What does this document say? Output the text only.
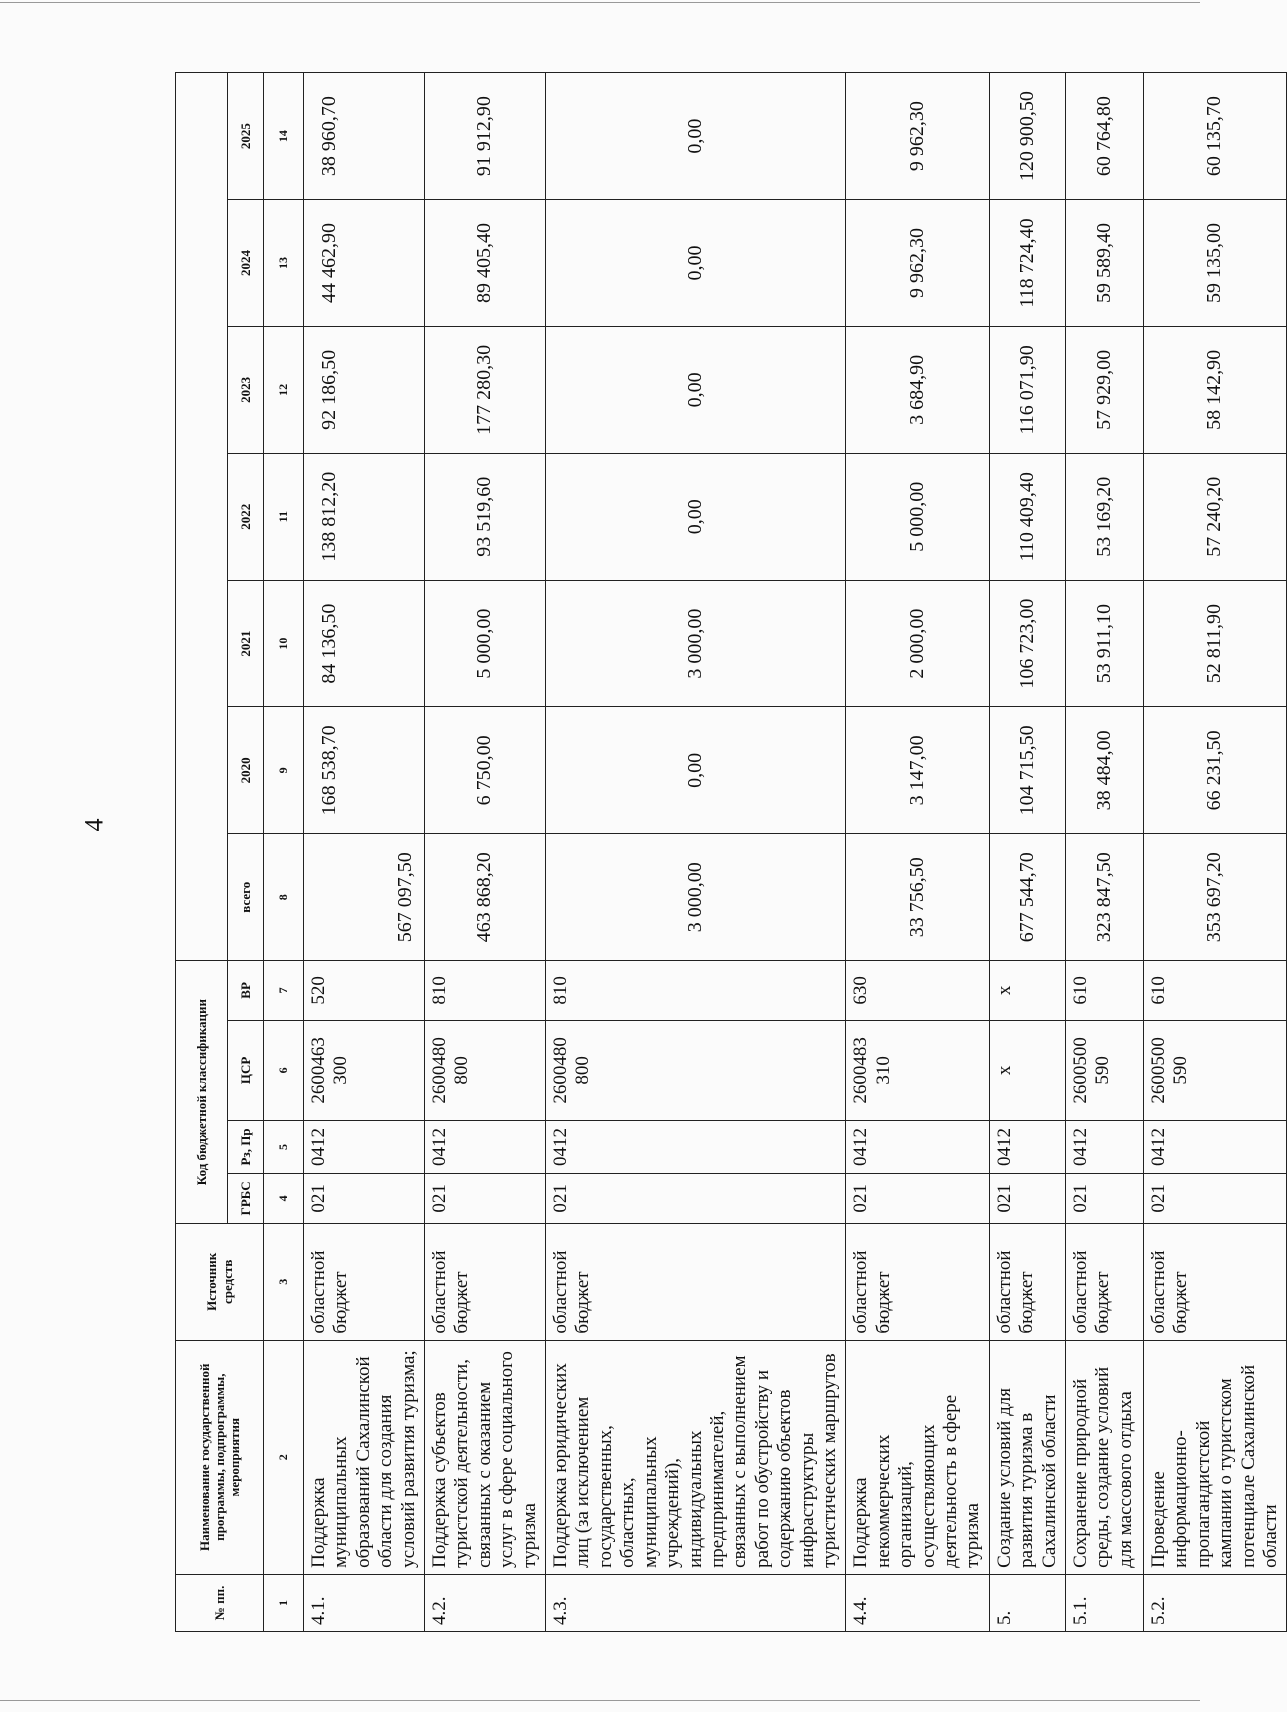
4
№ пп.	Наименование государственной программы, подпрограммы, мероприятия	Источник средств	Код бюджетной классификации										
			ГРБС	Рз, Пр	ЦСР	ВР	всего	2020	2021	2022	2023	2024	2025
1	2	3	4	5	6	7	8	9	10	11	12	13	14
4.1.	Поддержка муниципальных образований Сахалинской области для создания условий развития туризма;	областной бюджет	021	0412	2600463 300	520	567 097,50	168 538,70	84 136,50	138 812,20	92 186,50	44 462,90	38 960,70
4.2.	Поддержка субъектов туристской деятельности, связанных с оказанием услуг в сфере социального туризма	областной бюджет	021	0412	2600480 800	810	463 868,20	6 750,00	5 000,00	93 519,60	177 280,30	89 405,40	91 912,90
4.3.	Поддержка юридических лиц (за исключением государственных, областных, муниципальных учреждений), индивидуальных предпринимателей, связанных с выполнением работ по обустройству и содержанию объектов инфраструктуры туристических маршрутов	областной бюджет	021	0412	2600480 800	810	3 000,00	0,00	3 000,00	0,00	0,00	0,00	0,00
4.4.	Поддержка некоммерческих организаций, осуществляющих деятельность в сфере туризма	областной бюджет	021	0412	2600483 310	630	33 756,50	3 147,00	2 000,00	5 000,00	3 684,90	9 962,30	9 962,30
5.	Создание условий для развития туризма в Сахалинской области	областной бюджет	021	0412	х	х	677 544,70	104 715,50	106 723,00	110 409,40	116 071,90	118 724,40	120 900,50
5.1.	Сохранение природной среды, создание условий для массового отдыха	областной бюджет	021	0412	2600500 590	610	323 847,50	38 484,00	53 911,10	53 169,20	57 929,00	59 589,40	60 764,80
5.2.	Проведение информационно-пропагандистской кампании о туристском потенциале Сахалинской области	областной бюджет	021	0412	2600500 590	610	353 697,20	66 231,50	52 811,90	57 240,20	58 142,90	59 135,00	60 135,70
